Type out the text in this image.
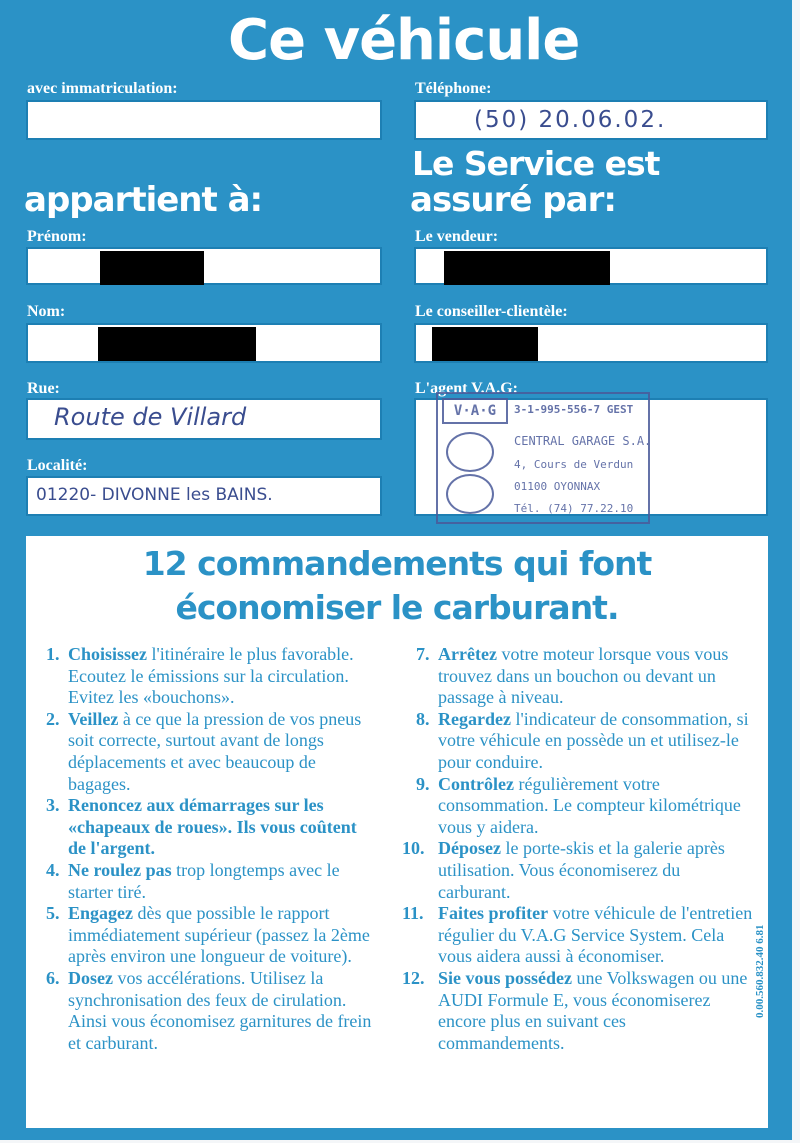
Ce véhicule
avec immatriculation:
appartient à:
Prénom:
Nom:
Rue:
Route de Villard
Localité:
01220- DIVONNE les BAINS.
Téléphone:
(50) 20.06.02.
Le Service est
assuré par:
Le vendeur:
Le conseiller-clientèle:
L'agent V.A.G:
V·A·G	3-1-995-556-7 GEST
CENTRAL GARAGE S.A.
4, Cours de Verdun
01100 OYONNAX
Tél. (74) 77.22.10
12 commandements qui font
économiser le carburant.
1. Choisissez l'itinéraire le plus favorable. Ecoutez le émissions sur la circulation. Evitez les «bouchons».
2. Veillez à ce que la pression de vos pneus soit correcte, surtout avant de longs déplacements et avec beaucoup de bagages.
3. Renoncez aux démarrages sur les «chapeaux de roues». Ils vous coûtent de l'argent.
4. Ne roulez pas trop longtemps avec le starter tiré.
5. Engagez dès que possible le rapport immédiatement supérieur (passez la 2ème après environ une longueur de voiture).
6. Dosez vos accélérations. Utilisez la synchronisation des feux de cirulation. Ainsi vous économisez garnitures de frein et carburant.
7. Arrêtez votre moteur lorsque vous vous trouvez dans un bouchon ou devant un passage à niveau.
8. Regardez l'indicateur de consommation, si votre véhicule en possède un et utilisez-le pour conduire.
9. Contrôlez régulièrement votre consommation. Le compteur kilométrique vous y aidera.
10. Déposez le porte-skis et la galerie après utilisation. Vous économiserez du carburant.
11. Faites profiter votre véhicule de l'entretien régulier du V.A.G Service System. Cela vous aidera aussi à économiser.
12. Sie vous possédez une Volkswagen ou une AUDI Formule E, vous économiserez encore plus en suivant ces commandements.
0.00.560.832.40 6.81
